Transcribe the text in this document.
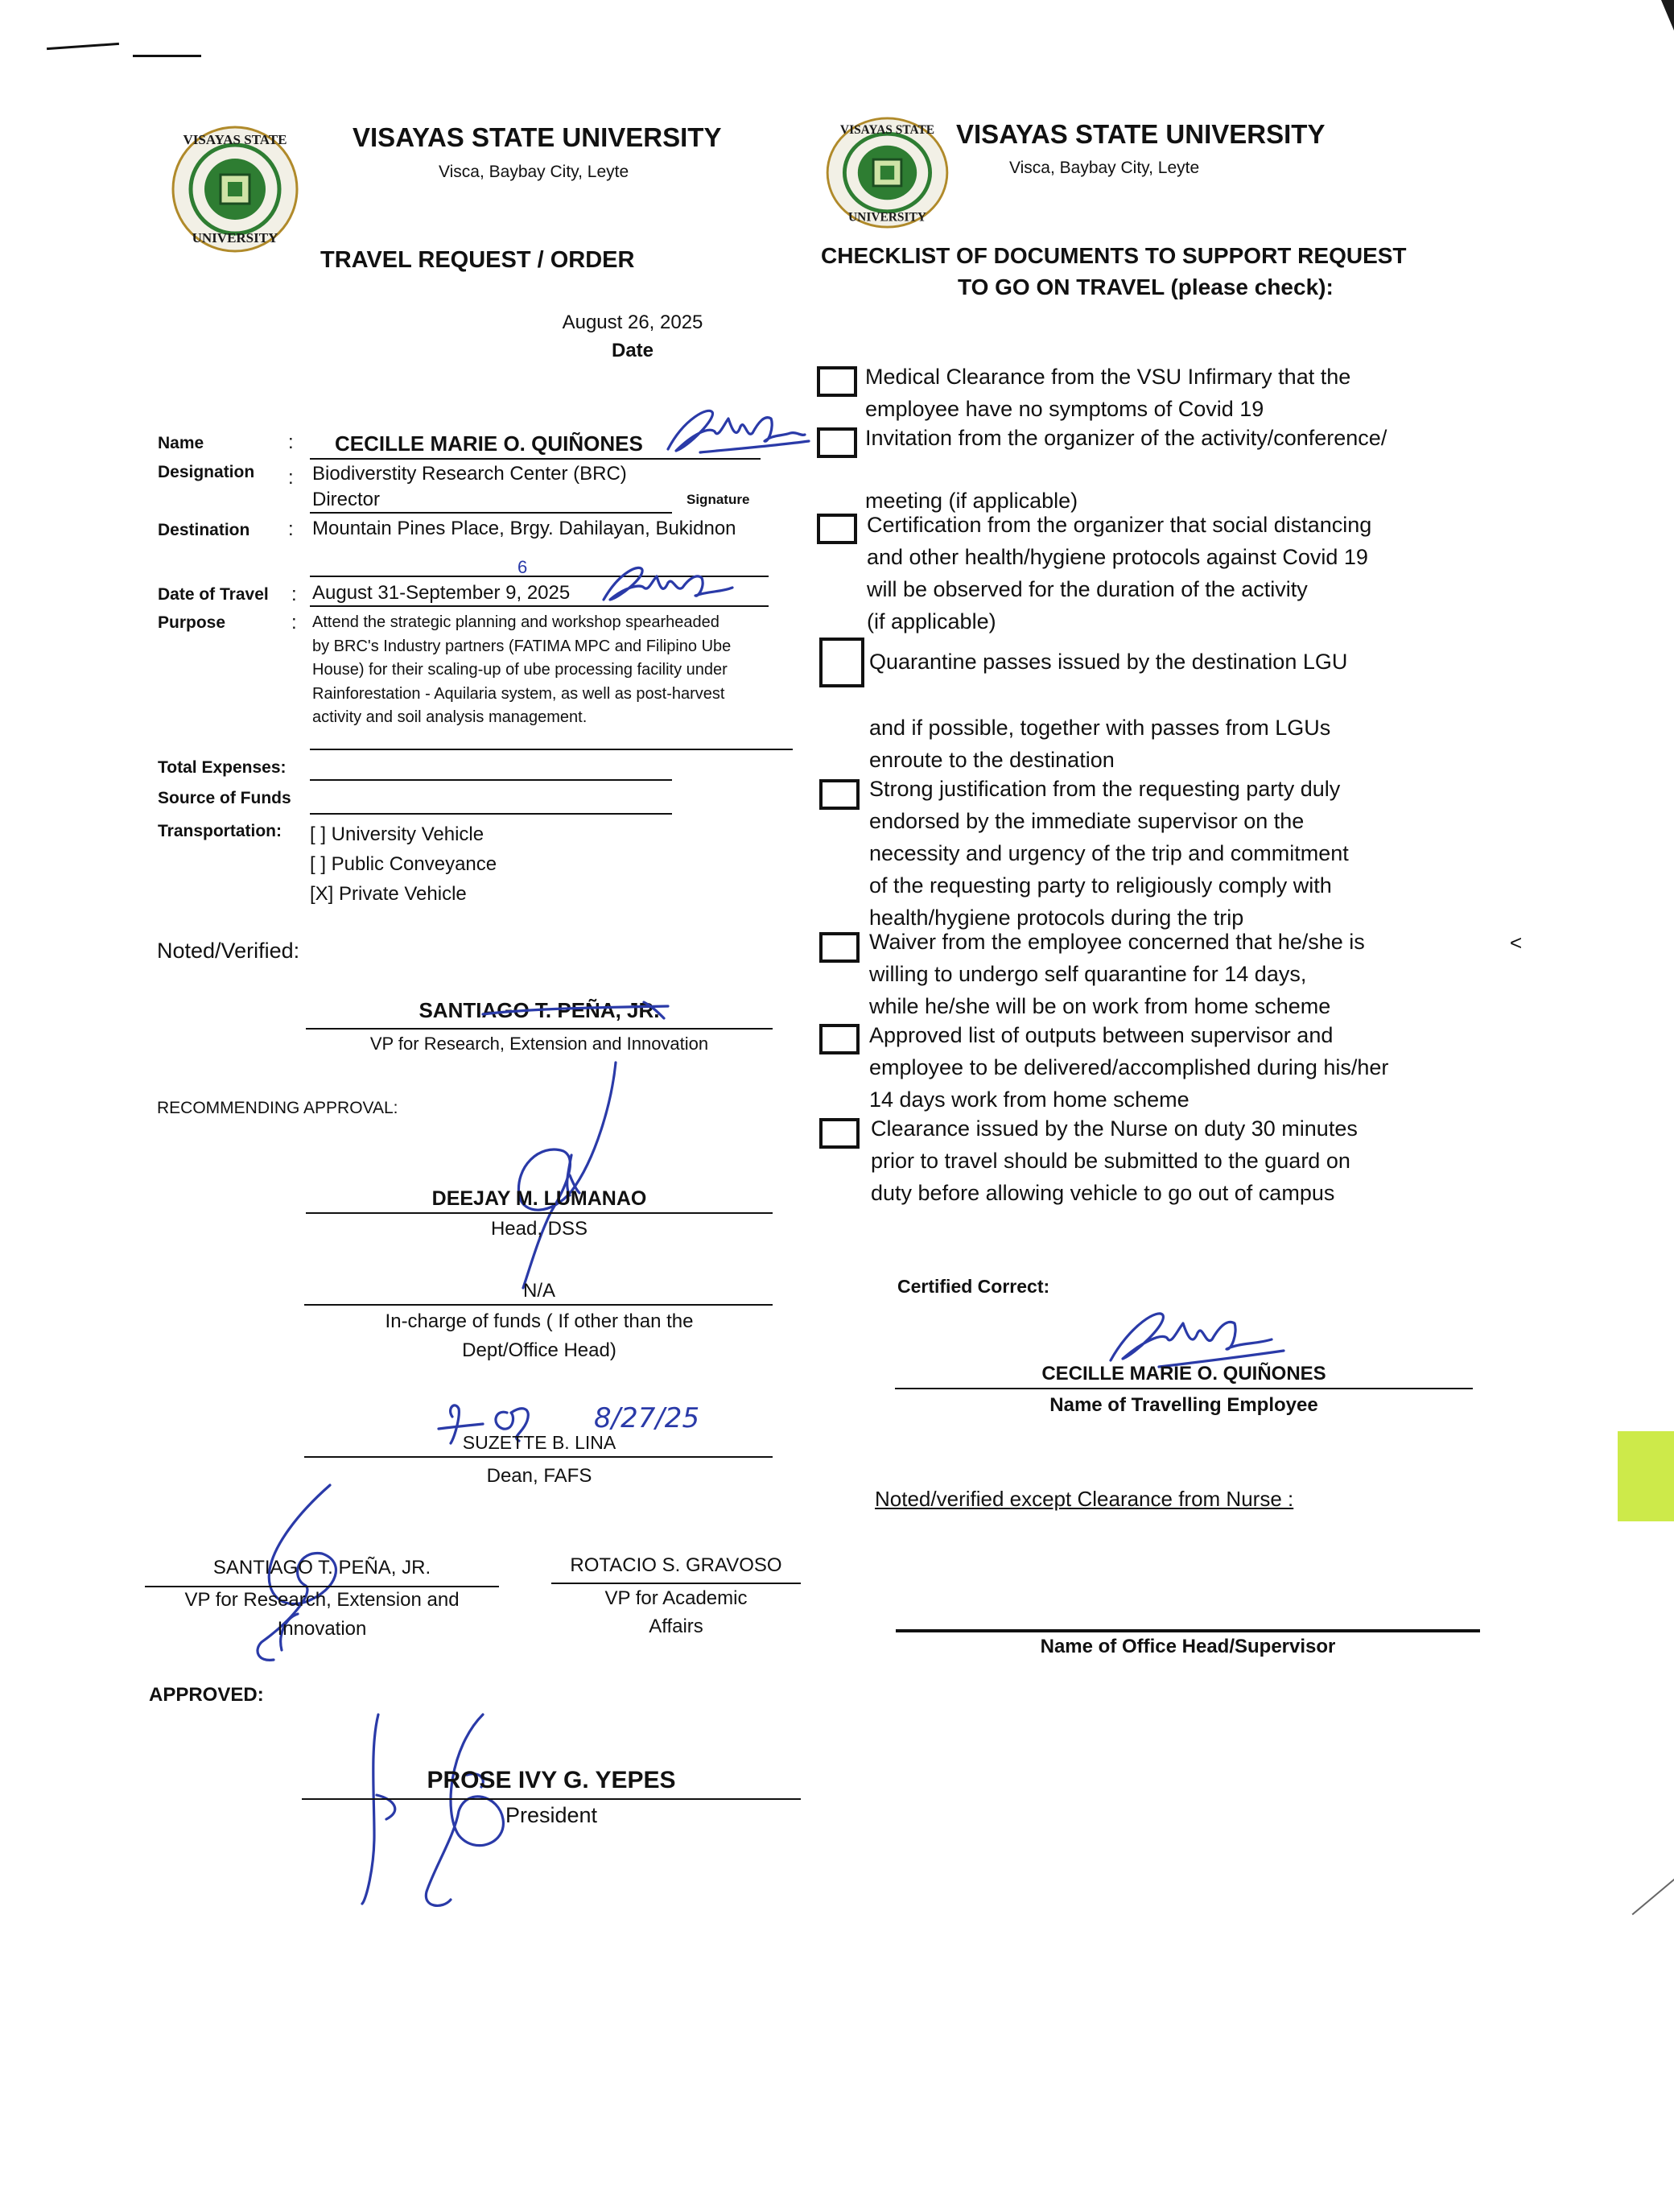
VISAYAS STATE
UNIVERSITY
VISAYAS STATE UNIVERSITY
Visca, Baybay City, Leyte
TRAVEL REQUEST / ORDER
August 26, 2025
Date
Name	: CECILLE MARIE O. QUIÑONES
Designation : Biodiverstity Research Center (BRC)
Director	Signature
Destination : Mountain Pines Place, Brgy. Dahilayan, Bukidnon
Date of Travel : August 31-September 9, 2025
6
Purpose	: Attend the strategic planning and workshop spearheaded
by BRC's Industry partners (FATIMA MPC and Filipino Ube
House) for their scaling-up of ube processing facility under
Rainforestation - Aquilaria system, as well as post-harvest
activity and soil analysis management.
Total Expenses:
Source of Funds
Transportation: [ ] University Vehicle
[ ] Public Conveyance
[X] Private Vehicle
Noted/Verified:
SANTIAGO T. PEÑA, JR.
VP for Research, Extension and Innovation
RECOMMENDING APPROVAL:
DEEJAY M. LUMANAO
Head, DSS
N/A
In-charge of funds ( If other than the
Dept/Office Head)
8/27/25
SUZETTE B. LINA
Dean, FAFS
SANTIAGO T. PEÑA, JR.
VP for Research, Extension and
Innovation
ROTACIO S. GRAVOSO
VP for Academic
Affairs
APPROVED:
PROSE IVY G. YEPES
President
VISAYAS STATE
UNIVERSITY
VISAYAS STATE UNIVERSITY
Visca, Baybay City, Leyte
CHECKLIST OF DOCUMENTS TO SUPPORT REQUEST
TO GO ON TRAVEL (please check):
Medical Clearance from the VSU Infirmary that the
employee have no symptoms of Covid 19
Invitation from the organizer of the activity/conference/
meeting (if applicable)
Certification from the organizer that social distancing
and other health/hygiene protocols against Covid 19
will be observed for the duration of the activity
(if applicable)
Quarantine passes issued by the destination LGU
and if possible, together with passes from LGUs
enroute to the destination
Strong justification from the requesting party duly
endorsed by the immediate supervisor on the
necessity and urgency of the trip and commitment
of the requesting party to religiously comply with
health/hygiene protocols during the trip
Waiver from the employee concerned that he/she is
willing to undergo self quarantine for 14 days,
while he/she will be on work from home scheme
Approved list of outputs between supervisor and
employee to be delivered/accomplished during his/her
14 days work from home scheme
Clearance issued by the Nurse on duty 30 minutes
prior to travel should be submitted to the guard on
duty before allowing vehicle to go out of campus
<
Certified Correct:
CECILLE MARIE O. QUIÑONES
Name of Travelling Employee
Noted/verified except Clearance from Nurse :
Name of Office Head/Supervisor
